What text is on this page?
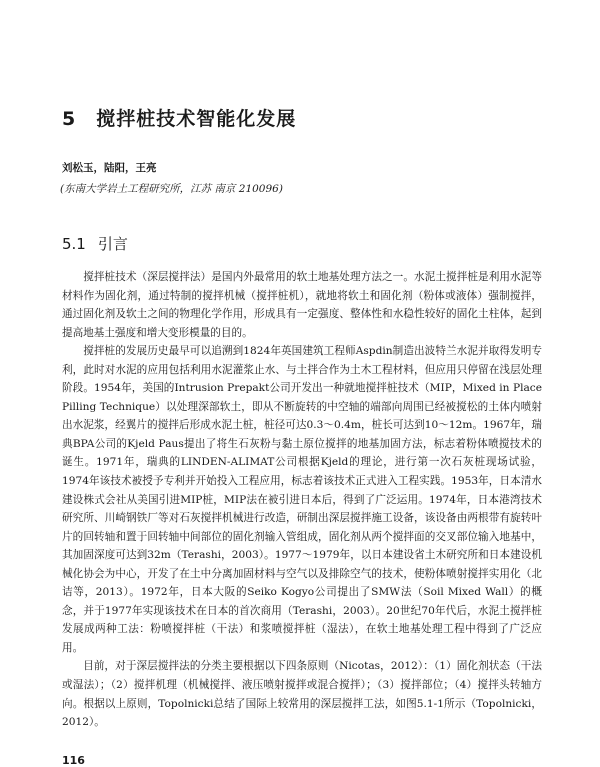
5 搅拌桩技术智能化发展
刘松玉，陆阳，王亮
(东南大学岩土工程研究所，江苏 南京 210096)
5.1 引言

搅拌桩技术（深层搅拌法）是国内外最常用的软土地基处理方法之一。水泥土搅拌桩是利用水泥等材料作为固化剂，通过特制的搅拌机械（搅拌桩机），就地将软土和固化剂（粉体或液体）强制搅拌，通过固化剂及软土之间的物理化学作用，形成具有一定强度、整体性和水稳性较好的固化土柱体，起到提高地基土强度和增大变形模量的目的。

搅拌桩的发展历史最早可以追溯到1824年英国建筑工程师Aspdin制造出波特兰水泥并取得发明专利，此时对水泥的应用包括利用水泥灌浆止水、与土拌合作为土木工程材料，但应用只停留在浅层处理阶段。1954年，美国的Intrusion Prepakt公司开发出一种就地搅拌桩技术（MIP，Mixed in Place Pilling Technique）以处理深部软土，即从不断旋转的中空轴的端部向周围已经被搅松的土体内喷射出水泥浆，经翼片的搅拌后形成水泥土桩，桩径可达0.3～0.4m，桩长可达到10～12m。1967年，瑞典BPA公司的Kjeld Paus提出了将生石灰粉与黏土原位搅拌的地基加固方法，标志着粉体喷搅技术的诞生。1971年，瑞典的LINDEN-ALIMAT公司根据Kjeld的理论，进行第一次石灰桩现场试验，1974年该技术被授予专利并开始投入工程应用，标志着该技术正式进入工程实践。1953年，日本清水建设株式会社从美国引进MIP桩，MIP法在被引进日本后，得到了广泛运用。1974年，日本港湾技术研究所、川崎钢铁厂等对石灰搅拌机械进行改造，研制出深层搅拌施工设备，该设备由两根带有旋转叶片的回转轴和置于回转轴中间部位的固化剂输入管组成，固化剂从两个搅拌面的交叉部位输入地基中，其加固深度可达到32m（Terashi，2003）。1977～1979年，以日本建设省土木研究所和日本建设机械化协会为中心，开发了在土中分离加固材料与空气以及排除空气的技术，使粉体喷射搅拌实用化（北诘等，2013）。1972年，日本大阪的Seiko Kogyo公司提出了SMW法（Soil Mixed Wall）的概念，并于1977年实现该技术在日本的首次商用（Terashi，2003）。20世纪70年代后，水泥土搅拌桩发展成两种工法：粉喷搅拌桩（干法）和浆喷搅拌桩（湿法），在软土地基处理工程中得到了广泛应用。

目前，对于深层搅拌法的分类主要根据以下四条原则（Nicotas，2012）：（1）固化剂状态（干法或湿法）；（2）搅拌机理（机械搅拌、液压喷射搅拌或混合搅拌）；（3）搅拌部位；（4）搅拌头转轴方向。根据以上原则，Topolnicki总结了国际上较常用的深层搅拌工法，如图5.1-1所示（Topolnicki，2012）。

116
